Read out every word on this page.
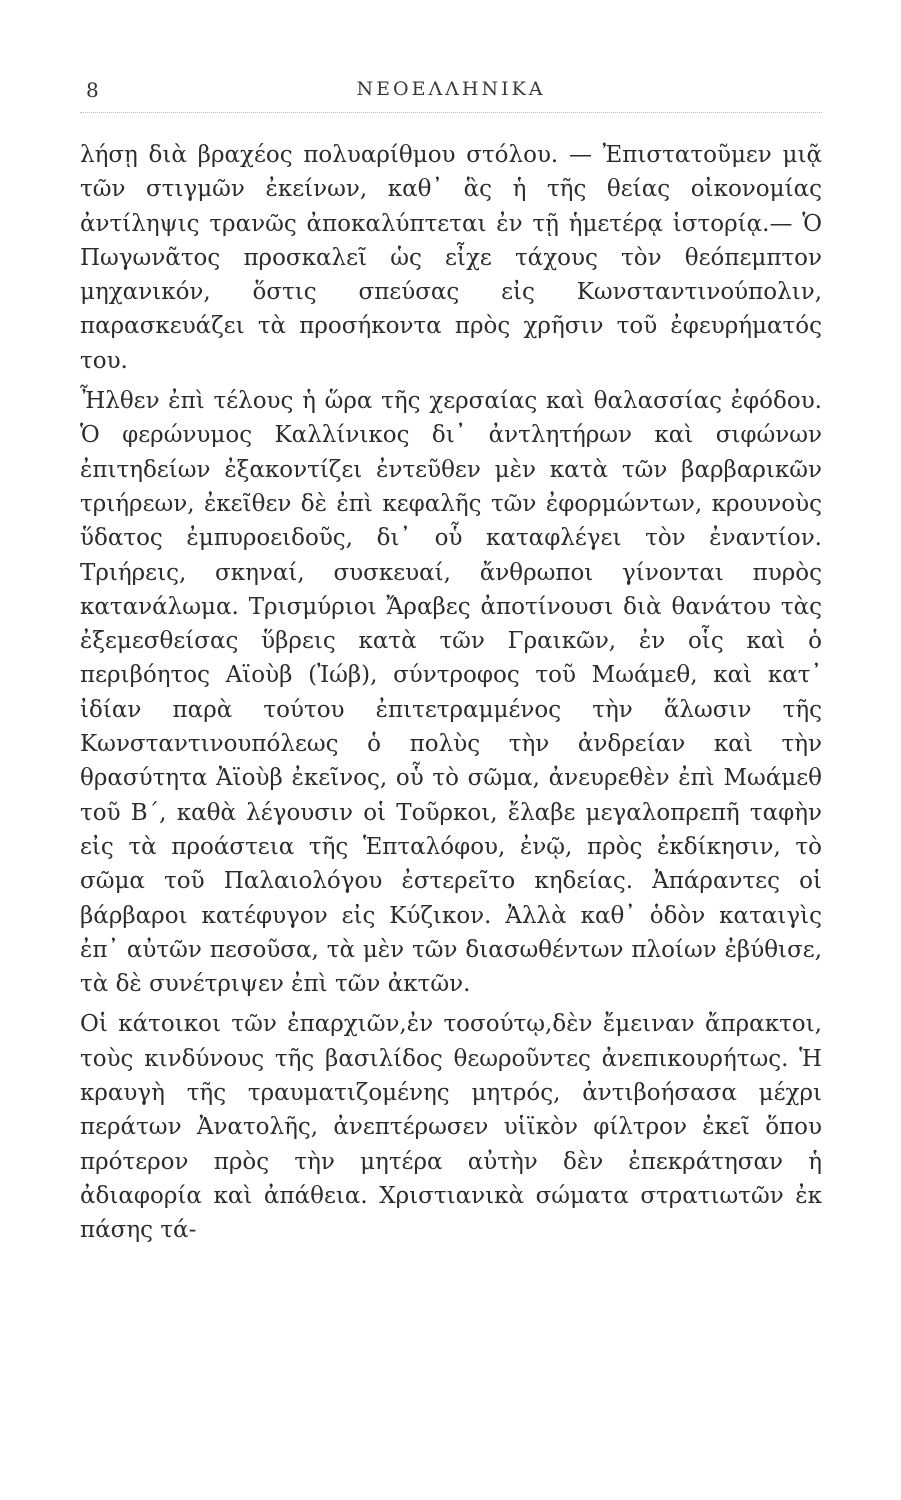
8	ΝΕΟΕΛΛΗΝΙΚΑ

λήσῃ διὰ βραχέος πολυαρίθμου στόλου. — Ἐπιστατοῦμεν μιᾷ τῶν στιγμῶν ἐκείνων, καθ᾽ ἃς ἡ τῆς θείας οἰκονομίας ἀντίληψις τρανῶς ἀποκαλύπτεται ἐν τῇ ἡμετέρᾳ ἱστορίᾳ.— Ὁ Πωγωνᾶτος προσκαλεῖ ὡς εἶχε τάχους τὸν θεόπεμπτον μηχανικόν, ὅστις σπεύσας εἰς Κωνσταντινούπολιν, παρασκευάζει τὰ προσήκοντα πρὸς χρῆσιν τοῦ ἐφευρήματός του.

Ἦλθεν ἐπὶ τέλους ἡ ὥρα τῆς χερσαίας καὶ θαλασσίας ἐφόδου. Ὁ φερώνυμος Καλλίνικος δι᾽ ἀντλητήρων καὶ σιφώνων ἐπιτηδείων ἐξακοντίζει ἐντεῦθεν μὲν κατὰ τῶν βαρβαρικῶν τριήρεων, ἐκεῖθεν δὲ ἐπὶ κεφαλῆς τῶν ἐφορμώντων, κρουνοὺς ὕδατος ἐμπυροειδοῦς, δι᾽ οὗ καταφλέγει τὸν ἐναντίον. Τριήρεις, σκηναί, συσκευαί, ἄνθρωποι γίνονται πυρὸς κατανάλωμα. Τρισμύριοι Ἄραβες ἀποτίνουσι διὰ θανάτου τὰς ἐξεμεσθείσας ὕβρεις κατὰ τῶν Γραικῶν, ἐν οἷς καὶ ὁ περιβόητος Αϊοὺβ (Ἰώβ), σύντροφος τοῦ Μωάμεθ, καὶ κατ᾽ ἰδίαν παρὰ τούτου ἐπιτετραμμένος τὴν ἅλωσιν τῆς Κωνσταντινουπόλεως ὁ πολὺς τὴν ἀνδρείαν καὶ τὴν θρασύτητα Ἀϊοὺβ ἐκεῖνος, οὗ τὸ σῶμα, ἀνευρεθὲν ἐπὶ Μωάμεθ τοῦ Β΄, καθὰ λέγουσιν οἱ Τοῦρκοι, ἔλαβε μεγαλοπρεπῆ ταφὴν εἰς τὰ προάστεια τῆς Ἑπταλόφου, ἐνῷ, πρὸς ἐκδίκησιν, τὸ σῶμα τοῦ Παλαιολόγου ἐστερεῖτο κηδείας. Ἀπάραντες οἱ βάρβαροι κατέφυγον εἰς Κύζικον. Ἀλλὰ καθ᾽ ὁδὸν καταιγὶς ἐπ᾽ αὐτῶν πεσοῦσα, τὰ μὲν τῶν διασωθέντων πλοίων ἐβύθισε, τὰ δὲ συνέτριψεν ἐπὶ τῶν ἀκτῶν.

Οἱ κάτοικοι τῶν ἐπαρχιῶν,ἐν τοσούτῳ,δὲν ἔμειναν ἄπρακτοι, τοὺς κινδύνους τῆς βασιλίδος θεωροῦντες ἀνεπικουρήτως. Ἡ κραυγὴ τῆς τραυματιζομένης μητρός, ἀντιβοήσασα μέχρι περάτων Ἀνατολῆς, ἀνεπτέρωσεν υἱϊκὸν φίλτρον ἐκεῖ ὅπου πρότερον πρὸς τὴν μητέρα αὐτὴν δὲν ἐπεκράτησαν ἡ ἀδιαφορία καὶ ἀπάθεια. Χριστιανικὰ σώματα στρατιωτῶν ἐκ πάσης τά-
